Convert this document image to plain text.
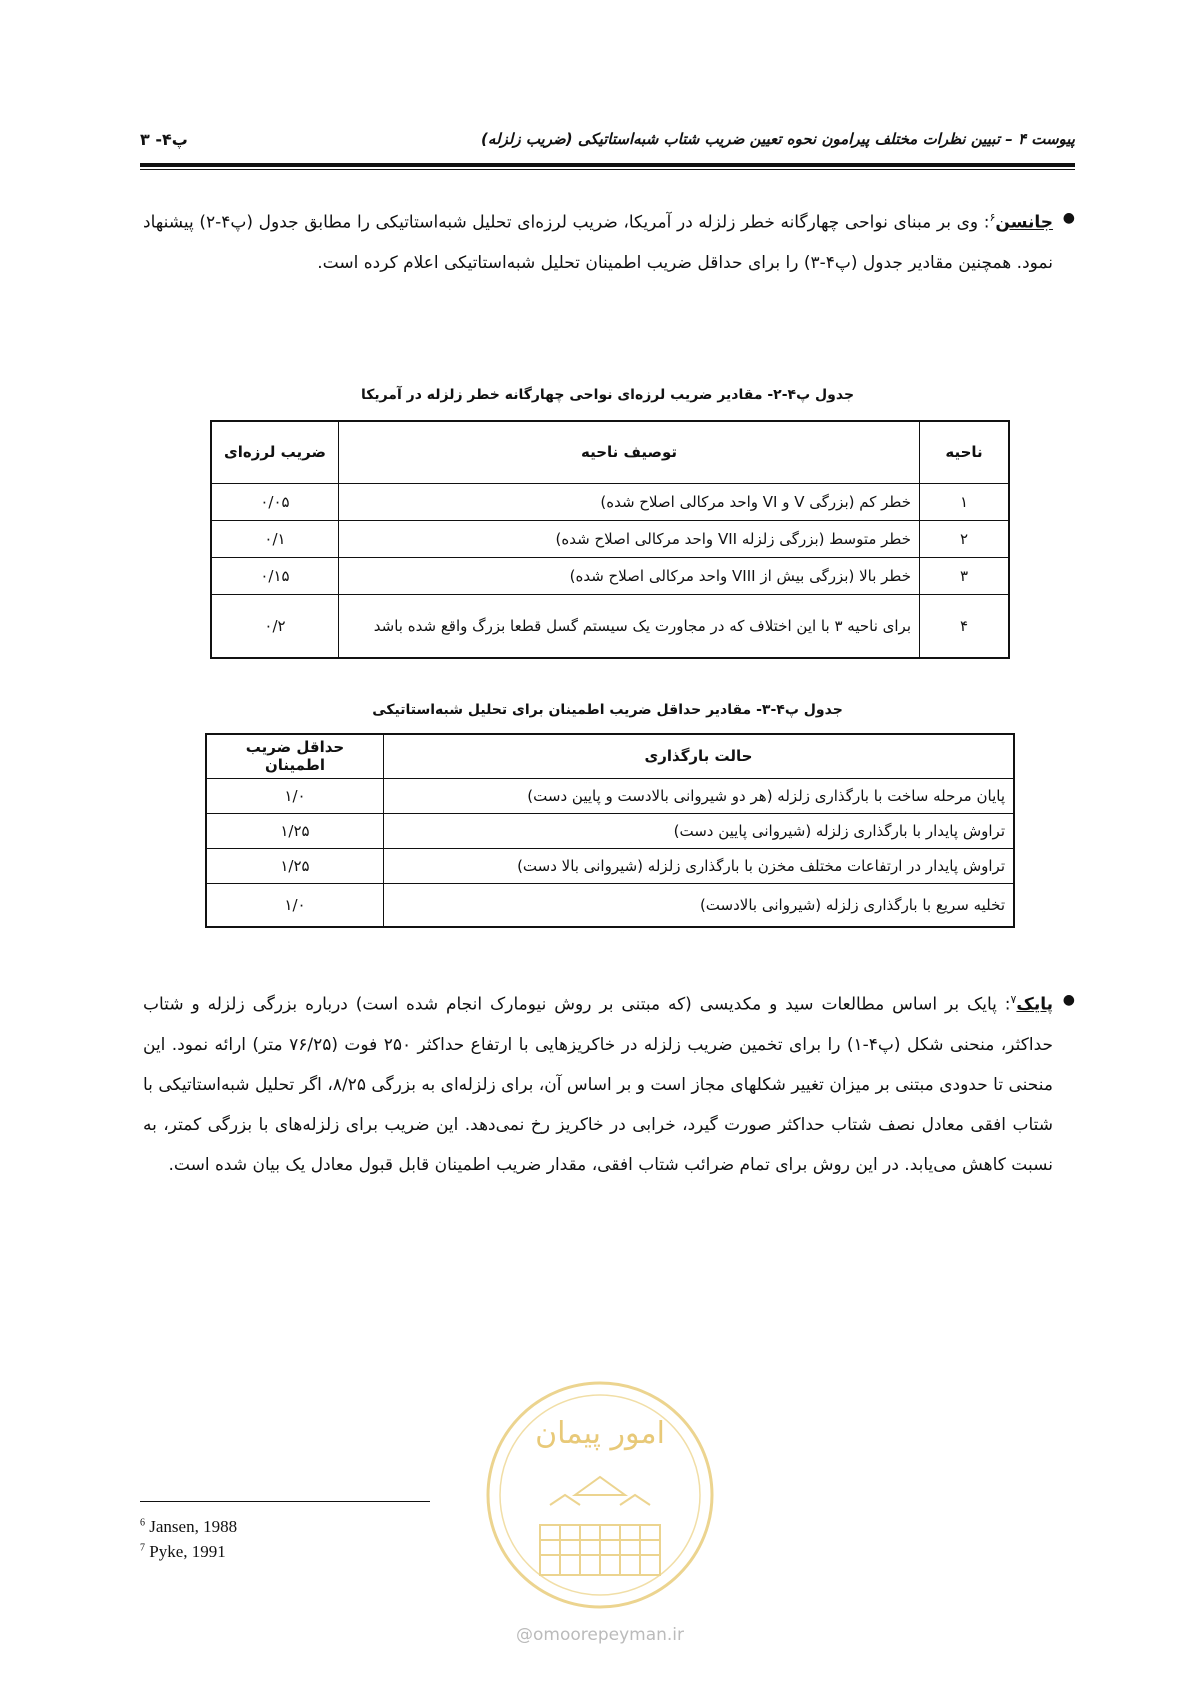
پیوست ۴ – تبیین نظرات مختلف پیرامون نحوه تعیین ضریب شتاب شبه‌استاتیکی (ضریب زلزله)
پ۴- ۳
●
جانسن$^۶$: وی بر مبنای نواحی چهارگانه خطر زلزله در آمریکا، ضریب لرزه‌ای تحلیل شبه‌استاتیکی را مطابق جدول (پ۴-۲) پیشنهاد نمود. همچنین مقادیر جدول (پ۴-۳) را برای حداقل ضریب اطمینان تحلیل شبه‌استاتیکی اعلام کرده است.
جدول پ۴-۲- مقادیر ضریب لرزه‌ای نواحی چهارگانه خطر زلزله در آمریکا
ناحیه	توصیف ناحیه	ضریب لرزه‌ای
۱	خطر کم (بزرگی V و VI واحد مرکالی اصلاح شده)	۰/۰۵
۲	خطر متوسط (بزرگی زلزله VII واحد مرکالی اصلاح شده)	۰/۱
۳	خطر بالا (بزرگی بیش از VIII واحد مرکالی اصلاح شده)	۰/۱۵
۴	برای ناحیه ۳ با این اختلاف که در مجاورت یک سیستم گسل قطعا بزرگ واقع شده باشد	۰/۲
جدول پ۴-۳- مقادیر حداقل ضریب اطمینان برای تحلیل شبه‌استاتیکی
حالت بارگذاری	حداقل ضریب اطمینان
پایان مرحله ساخت با بارگذاری زلزله (هر دو شیروانی بالادست و پایین دست)	۱/۰
تراوش پایدار با بارگذاری زلزله (شیروانی پایین دست)	۱/۲۵
تراوش پایدار در ارتفاعات مختلف مخزن با بارگذاری زلزله (شیروانی بالا دست)	۱/۲۵
تخلیه سریع با بارگذاری زلزله (شیروانی بالادست)	۱/۰
●
پایک$^۷$: پایک بر اساس مطالعات سید و مکدیسی (که مبتنی بر روش نیومارک انجام شده است) درباره بزرگی زلزله و شتاب حداکثر، منحنی شکل (پ۴-۱) را برای تخمین ضریب زلزله در خاکریزهایی با ارتفاع حداکثر ۲۵۰ فوت (۷۶/۲۵ متر) ارائه نمود. این منحنی تا حدودی مبتنی بر میزان تغییر شکلهای مجاز است و بر اساس آن، برای زلزله‌ای به بزرگی ۸/۲۵، اگر تحلیل شبه‌استاتیکی با شتاب افقی معادل نصف شتاب حداکثر صورت گیرد، خرابی در خاکریز رخ نمی‌دهد. این ضریب برای زلزله‌های با بزرگی کمتر، به نسبت کاهش می‌یابد. در این روش برای تمام ضرائب شتاب افقی، مقدار ضریب اطمینان قابل قبول معادل یک بیان شده است.
امور پیمان
@omoorepeyman.ir
$^6$ Jansen, 1988
$^7$ Pyke, 1991
